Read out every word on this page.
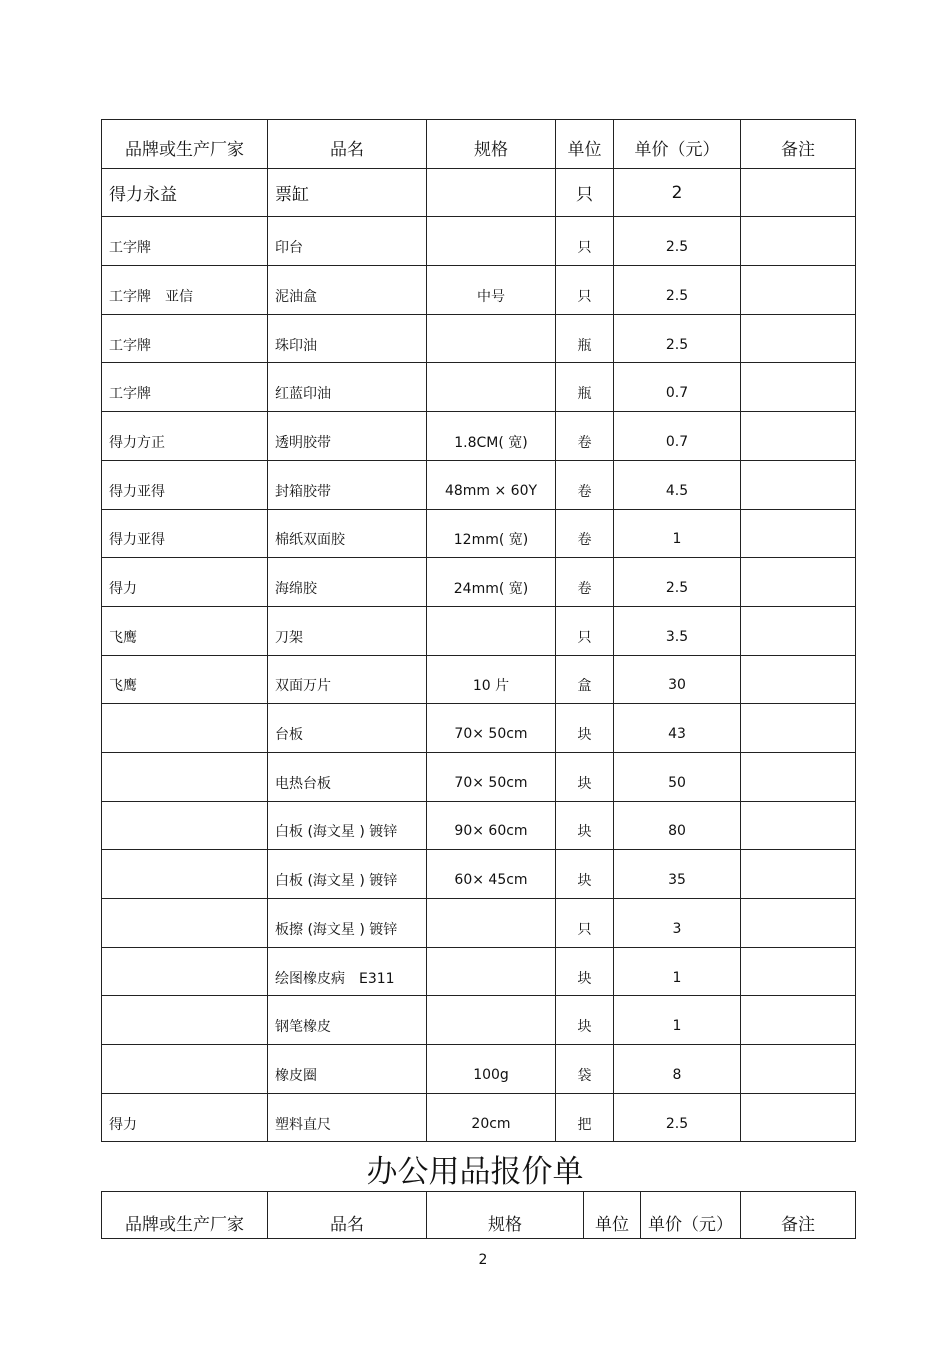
品牌或生产厂家	品名	规格	单位	单价（元）	备注
得力永益	票缸		只	2	
工字牌	印台		只	2.5	
工字牌　亚信	泥油盒	中号	只	2.5	
工字牌	珠印油		瓶	2.5	
工字牌	红蓝印油		瓶	0.7	
得力方正	透明胶带	1.8CM( 宽)	卷	0.7	
得力亚得	封箱胶带	48mm × 60Y	卷	4.5	
得力亚得	棉纸双面胶	12mm( 宽)	卷	1	
得力	海绵胶	24mm( 宽)	卷	2.5	
飞鹰	刀架		只	3.5	
飞鹰	双面万片	10 片	盒	30	
	台板	70× 50cm	块	43	
	电热台板	70× 50cm	块	50	
	白板 (海文星 ) 镀锌	90× 60cm	块	80	
	白板 (海文星 ) 镀锌	60× 45cm	块	35	
	板擦 (海文星 ) 镀锌		只	3	
	绘图橡皮病　E311		块	1	
	钢笔橡皮		块	1	
	橡皮圈	100g	袋	8	
得力	塑料直尺	20cm	把	2.5	
办公用品报价单
品牌或生产厂家	品名	规格	单位	单价（元）	备注
2
